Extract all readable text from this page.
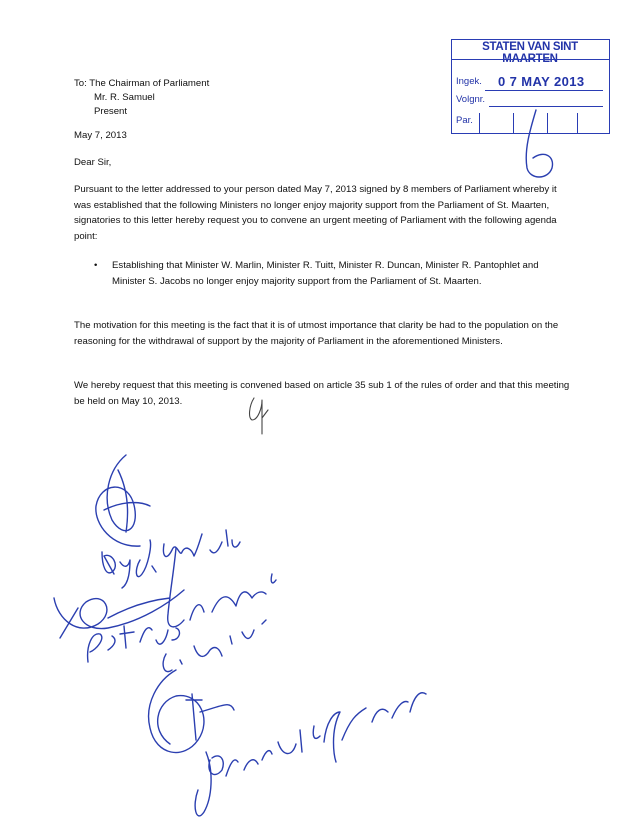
To: The Chairman of Parliament
Mr. R. Samuel
Present
May 7, 2013
Dear Sir,

Pursuant to the letter addressed to your person dated May 7, 2013 signed by 8 members of Parliament whereby it was established that the following Ministers no longer enjoy majority support from the Parliament of St. Maarten, signatories to this letter hereby request you to convene an urgent meeting of Parliament with the following agenda point:

• Establishing that Minister W. Marlin, Minister R. Tuitt, Minister R. Duncan, Minister R. Pantophlet and Minister S. Jacobs no longer enjoy majority support from the Parliament of St. Maarten.

The motivation for this meeting is the fact that it is of utmost importance that clarity be had to the population on the reasoning for the withdrawal of support by the majority of Parliament in the aforementioned Ministers.

We hereby request that this meeting is convened based on article 35 sub 1 of the rules of order and that this meeting be held on May 10, 2013.

STATEN VAN SINT MAARTEN
Ingek. 0 7 MAY 2013
Volgnr.
Par.
